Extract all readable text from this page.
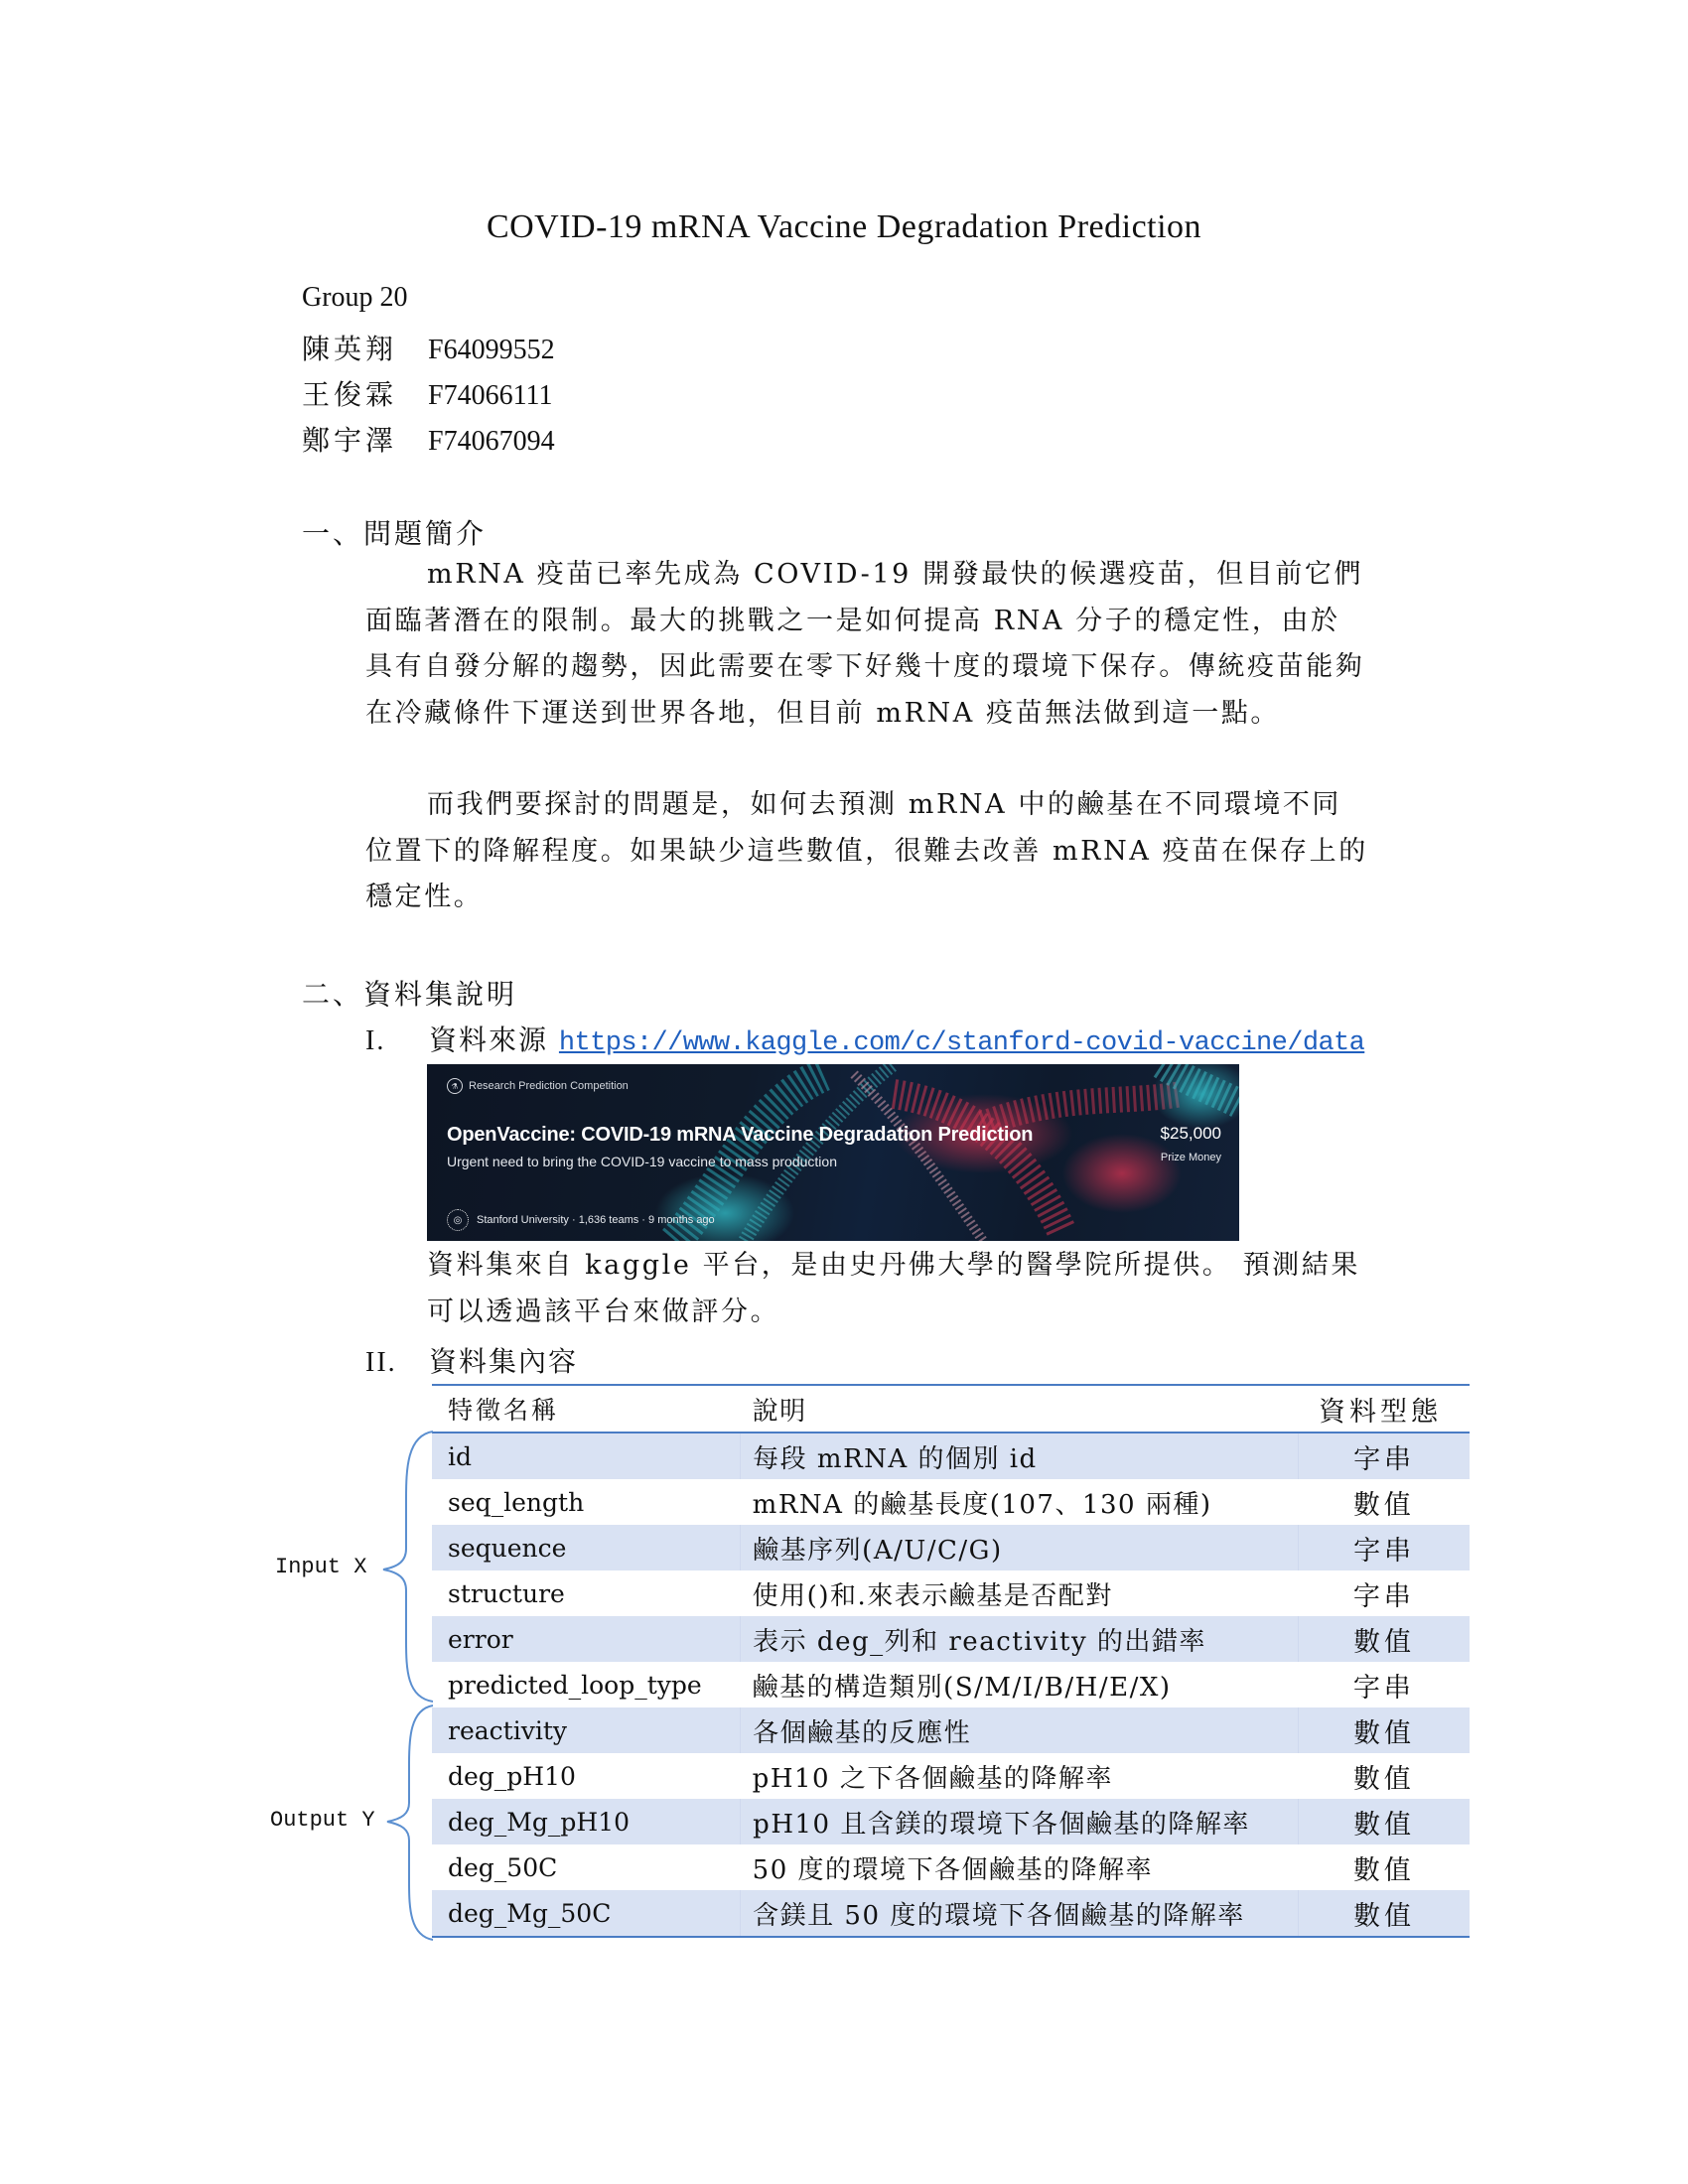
COVID-19 mRNA Vaccine Degradation Prediction
Group 20
陳英翔 F64099552
王俊霖 F74066111
鄭宇澤 F74067094
一、問題簡介

mRNA 疫苗已率先成為 COVID-19 開發最快的候選疫苗，但目前它們面臨著潛在的限制。最大的挑戰之一是如何提高 RNA 分子的穩定性，由於具有自發分解的趨勢，因此需要在零下好幾十度的環境下保存。傳統疫苗能夠在冷藏條件下運送到世界各地，但目前 mRNA 疫苗無法做到這一點。

而我們要探討的問題是，如何去預測 mRNA 中的鹼基在不同環境不同位置下的降解程度。如果缺少這些數值，很難去改善 mRNA 疫苗在保存上的穩定性。

二、資料集說明
I. 資料來源 https://www.kaggle.com/c/stanford-covid-vaccine/data
⚗ Research Prediction Competition
OpenVaccine: COVID-19 mRNA Vaccine Degradation Prediction
Urgent need to bring the COVID-19 vaccine to mass production
$25,000
Prize Money
◎	Stanford University · 1,636 teams · 9 months ago

資料集來自 kaggle 平台，是由史丹佛大學的醫學院所提供。 預測結果可以透過該平台來做評分。

II. 資料集內容
特徵名稱	說明	資料型態
id	每段 mRNA 的個別 id	字串
seq_length	mRNA 的鹼基長度(107、130 兩種)	數值
sequence	鹼基序列(A/U/C/G)	字串
structure	使用()和.來表示鹼基是否配對	字串
error	表示 deg_列和 reactivity 的出錯率	數值
predicted_loop_type	鹼基的構造類別(S/M/I/B/H/E/X)	字串
reactivity	各個鹼基的反應性	數值
deg_pH10	pH10 之下各個鹼基的降解率	數值
deg_Mg_pH10	pH10 且含鎂的環境下各個鹼基的降解率	數值
deg_50C	50 度的環境下各個鹼基的降解率	數值
deg_Mg_50C	含鎂且 50 度的環境下各個鹼基的降解率	數值
Input X
Output Y
